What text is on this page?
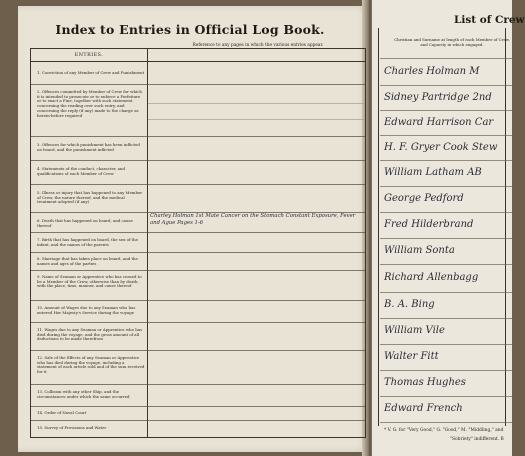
Index to Entries in Official Log Book.
ENTRIES.
Reference to any pages in which the various entries appear.
1. Conviction of any Member of Crew and Punishment
2. Offences committed by Member of Crew for which it is intended to prosecute or to enforce a Forfeiture or to exact a Fine, together with such statement concerning the reading over such entry, and concerning the reply (if any) made to the charge as herein-before required
3. Offences for which punishment has been inflicted on board, and the punishment inflicted
4. Statements of the conduct, character, and qualifications of each Member of Crew
5. Illness or injury that has happened to any Member of Crew, the nature thereof, and the medical treatment adopted (if any)
6. Death that has happened on board, and cause thereof
7. Birth that has happened on board, the sex of the infant, and the names of the parents
8. Marriage that has taken place on board, and the names and ages of the parties
9. Name of Seaman or Apprentice who has ceased to be a Member of the Crew, otherwise than by death, with the place, time, manner, and cause thereof
10. Amount of Wages due to any Seaman who has entered Her Majesty's Service during the voyage
11. Wages due to any Seaman or Apprentice who has died during the voyage, and the gross amount of all deductions to be made therefrom
12. Sale of the Effects of any Seaman or Apprentice who has died during the voyage, including a statement of each article sold and of the sum received for it
13. Collision with any other Ship, and the circumstances under which the same occurred
14. Order of Naval Court
15. Survey of Provisions and Water
Charley Holman 1st Mate Cancer on the Stomach Constant Exposure, Fever and Ague Pages 1-6
List of Crew
Christian and Surname at length of each Member of Crew, and Capacity in which engaged.
Charles Holman M
Sidney Partridge 2nd
Edward Harrison Car
H. F. Gryer Cook Stew
William Latham AB
George Pedford
Fred Hilderbrand
William Sonta
Richard Allenbagg
B. A. Bing
William Vile
Walter Fitt
Thomas Hughes
Edward French
* V. G. for "Very Good," G. "Good," M. "Middling," and
"Sobriety" indifferent. B
